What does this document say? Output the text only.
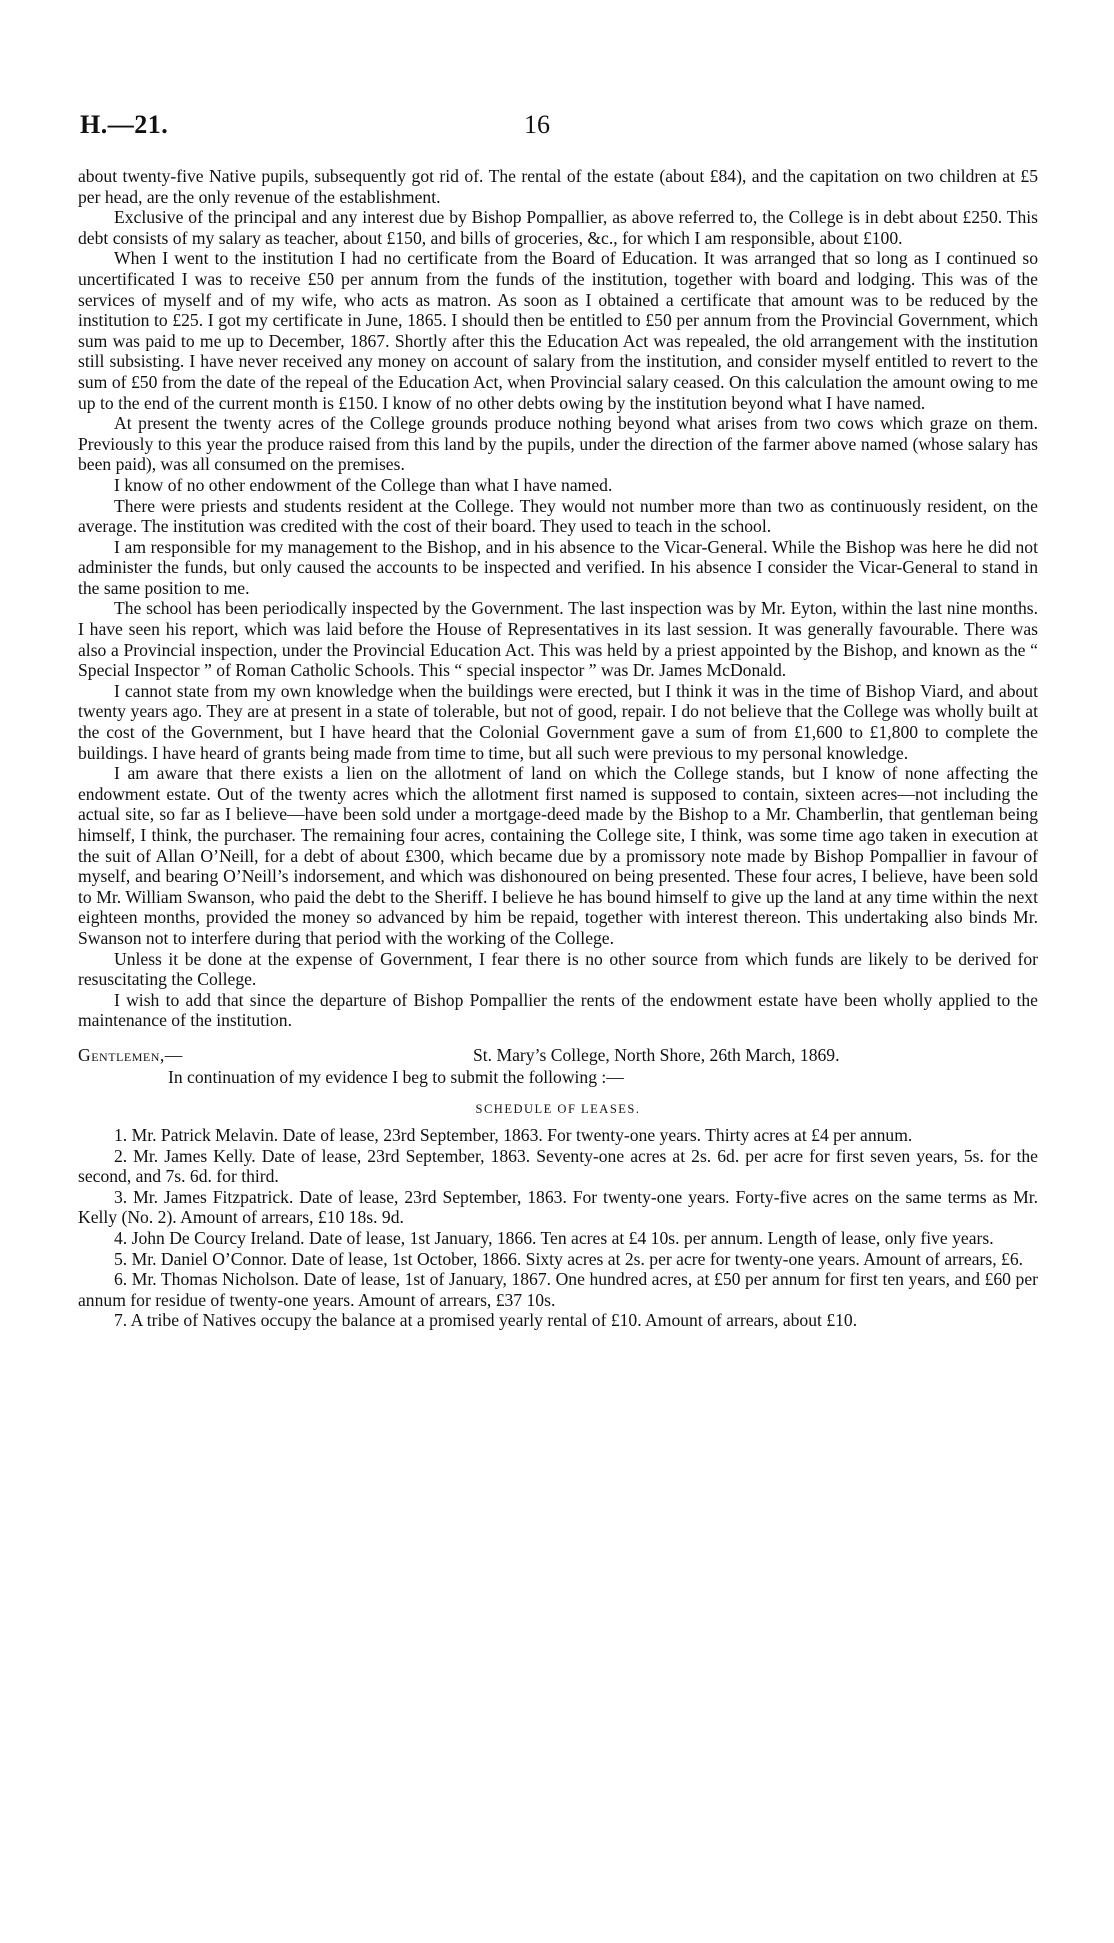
H.—21.	16

about twenty-five Native pupils, subsequently got rid of. The rental of the estate (about £84), and the capitation on two children at £5 per head, are the only revenue of the establishment.

Exclusive of the principal and any interest due by Bishop Pompallier, as above referred to, the College is in debt about £250. This debt consists of my salary as teacher, about £150, and bills of groceries, &c., for which I am responsible, about £100.

When I went to the institution I had no certificate from the Board of Education. It was arranged that so long as I continued so uncertificated I was to receive £50 per annum from the funds of the institution, together with board and lodging. This was of the services of myself and of my wife, who acts as matron. As soon as I obtained a certificate that amount was to be reduced by the institution to £25. I got my certificate in June, 1865. I should then be entitled to £50 per annum from the Provincial Government, which sum was paid to me up to December, 1867. Shortly after this the Education Act was repealed, the old arrangement with the institution still subsisting. I have never received any money on account of salary from the institution, and consider myself entitled to revert to the sum of £50 from the date of the repeal of the Education Act, when Provincial salary ceased. On this calculation the amount owing to me up to the end of the current month is £150. I know of no other debts owing by the institution beyond what I have named.

At present the twenty acres of the College grounds produce nothing beyond what arises from two cows which graze on them. Previously to this year the produce raised from this land by the pupils, under the direction of the farmer above named (whose salary has been paid), was all consumed on the premises.

I know of no other endowment of the College than what I have named.

There were priests and students resident at the College. They would not number more than two as continuously resident, on the average. The institution was credited with the cost of their board. They used to teach in the school.

I am responsible for my management to the Bishop, and in his absence to the Vicar-General. While the Bishop was here he did not administer the funds, but only caused the accounts to be inspected and verified. In his absence I consider the Vicar-General to stand in the same position to me.

The school has been periodically inspected by the Government. The last inspection was by Mr. Eyton, within the last nine months. I have seen his report, which was laid before the House of Representatives in its last session. It was generally favourable. There was also a Provincial inspection, under the Provincial Education Act. This was held by a priest appointed by the Bishop, and known as the “ Special Inspector ” of Roman Catholic Schools. This “ special inspector ” was Dr. James McDonald.

I cannot state from my own knowledge when the buildings were erected, but I think it was in the time of Bishop Viard, and about twenty years ago. They are at present in a state of tolerable, but not of good, repair. I do not believe that the College was wholly built at the cost of the Government, but I have heard that the Colonial Government gave a sum of from £1,600 to £1,800 to complete the buildings. I have heard of grants being made from time to time, but all such were previous to my personal knowledge.

I am aware that there exists a lien on the allotment of land on which the College stands, but I know of none affecting the endowment estate. Out of the twenty acres which the allotment first named is supposed to contain, sixteen acres—not including the actual site, so far as I believe—have been sold under a mortgage-deed made by the Bishop to a Mr. Chamberlin, that gentleman being himself, I think, the purchaser. The remaining four acres, containing the College site, I think, was some time ago taken in execution at the suit of Allan O’Neill, for a debt of about £300, which became due by a promissory note made by Bishop Pompallier in favour of myself, and bearing O’Neill’s indorsement, and which was dishonoured on being presented. These four acres, I believe, have been sold to Mr. William Swanson, who paid the debt to the Sheriff. I believe he has bound himself to give up the land at any time within the next eighteen months, provided the money so advanced by him be repaid, together with interest thereon. This undertaking also binds Mr. Swanson not to interfere during that period with the working of the College.

Unless it be done at the expense of Government, I fear there is no other source from which funds are likely to be derived for resuscitating the College.

I wish to add that since the departure of Bishop Pompallier the rents of the endowment estate have been wholly applied to the maintenance of the institution.

Gentlemen,—	St. Mary’s College, North Shore, 26th March, 1869.

In continuation of my evidence I beg to submit the following :—

SCHEDULE OF LEASES.

1. Mr. Patrick Melavin. Date of lease, 23rd September, 1863. For twenty-one years. Thirty acres at £4 per annum.

2. Mr. James Kelly. Date of lease, 23rd September, 1863. Seventy-one acres at 2s. 6d. per acre for first seven years, 5s. for the second, and 7s. 6d. for third.

3. Mr. James Fitzpatrick. Date of lease, 23rd September, 1863. For twenty-one years. Forty-five acres on the same terms as Mr. Kelly (No. 2). Amount of arrears, £10 18s. 9d.

4. John De Courcy Ireland. Date of lease, 1st January, 1866. Ten acres at £4 10s. per annum. Length of lease, only five years.

5. Mr. Daniel O’Connor. Date of lease, 1st October, 1866. Sixty acres at 2s. per acre for twenty-one years. Amount of arrears, £6.

6. Mr. Thomas Nicholson. Date of lease, 1st of January, 1867. One hundred acres, at £50 per annum for first ten years, and £60 per annum for residue of twenty-one years. Amount of arrears, £37 10s.

7. A tribe of Natives occupy the balance at a promised yearly rental of £10. Amount of arrears, about £10.
